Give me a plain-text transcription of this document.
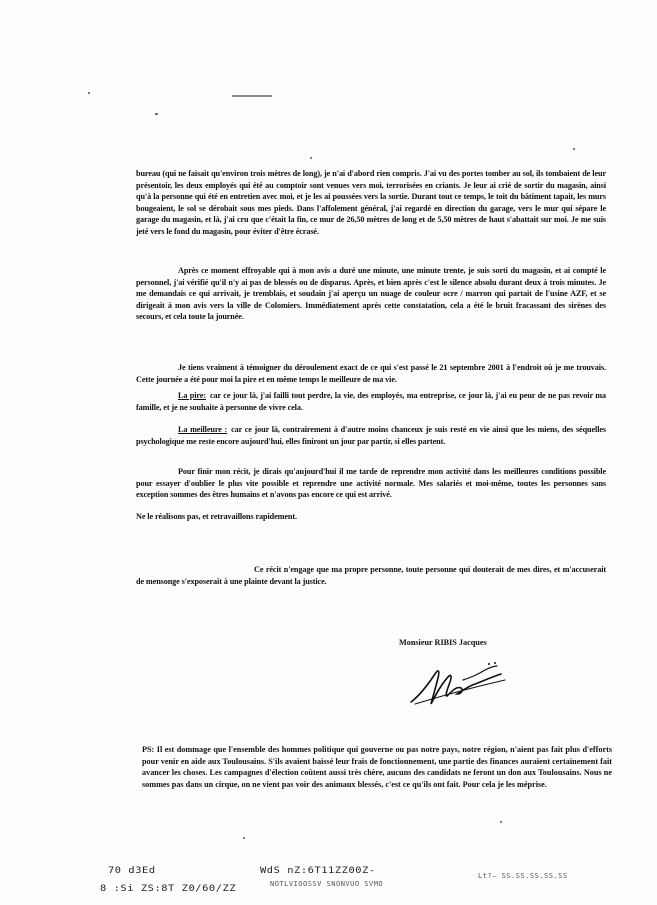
bureau (qui ne faisait qu'environ trois mètres de long), je n'ai d'abord rien compris. J'ai vu des portes tomber au sol, ils tombaient de leur présentoir, les deux employés qui été au comptoir sont venues vers moi, terrorisées en criants. Je leur ai crié de sortir du magasin, ainsi qu'à la personne qui été en entretien avec moi, et je les ai poussées vers la sortie. Durant tout ce temps, le toit du bâtiment tapait, les murs bougeaient, le sol se dérobait sous mes pieds. Dans l'affolement général, j'ai regardé en direction du garage, vers le mur qui sépare le garage du magasin, et là, j'ai cru que c'était la fin, ce mur de 26,50 mètres de long et de 5,50 mètres de haut s'abattait sur moi. Je me suis jeté vers le fond du magasin, pour éviter d'être écrasé.
Après ce moment effroyable qui à mon avis a duré une minute, une minute trente, je suis sorti du magasin, et ai compté le personnel, j'ai vérifié qu'il n'y ai pas de blessés ou de disparus. Après, et bien après c'est le silence absolu durant deux à trois minutes. Je me demandais ce qui arrivait, je tremblais, et soudain j'ai aperçu un nuage de couleur ocre / marron qui partait de l'usine AZF, et se dirigeait à mon avis vers la ville de Colomiers. Immédiatement après cette constatation, cela a été le bruit fracassant des sirènes des secours, et cela toute la journée.
Je tiens vraiment à témoigner du déroulement exact de ce qui s'est passé le 21 septembre 2001 à l'endroit où je me trouvais. Cette journée a été pour moi la pire et en même temps le meilleure de ma vie.
La pire: car ce jour là, j'ai failli tout perdre, la vie, des employés, ma entreprise, ce jour là, j'ai eu peur de ne pas revoir ma famille, et je ne souhaite à personne de vivre cela.
La meilleure : car ce jour là, contrairement à d'autre moins chanceux je suis resté en vie ainsi que les miens, des séquelles psychologique me reste encore aujourd'hui, elles finiront un jour par partir, si elles partent.
Pour finir mon récit, je dirais qu'aujourd'hui il me tarde de reprendre mon activité dans les meilleures conditions possible pour essayer d'oublier le plus vite possible et reprendre une activité normale. Mes salariés et moi-même, toutes les personnes sans exception sommes des êtres humains et n'avons pas encore ce qui est arrivé.
Ne le réalisons pas, et retravaillons rapidement.
Ce récit n'engage que ma propre personne, toute personne qui douterait de mes dires, et m'accuserait de mensonge s'exposerait à une plainte devant la justice.
Monsieur RIBIS Jacques
PS: Il est dommage que l'ensemble des hommes politique qui gouverne ou pas notre pays, notre région, n'aient pas fait plus d'efforts pour venir en aide aux Toulousains. S'ils avaient baissé leur frais de fonctionnement, une partie des finances auraient certainement fait avancer les choses. Les campagnes d'élection coûtent aussi très chère, aucuns des candidats ne feront un don aux Toulousains. Nous ne sommes pas dans un cirque, on ne vient pas voir des animaux blessés, c'est ce qu'ils ont fait. Pour cela je les méprise.
70 d3Ed	WdS nZ:6T11ZZ00Z-
8 :Si ZS:8T Z0/60/ZZ	NOTLVIOOSSV SNONVUO SVMO
Lt?— SS.SS.SS.SS.SS
